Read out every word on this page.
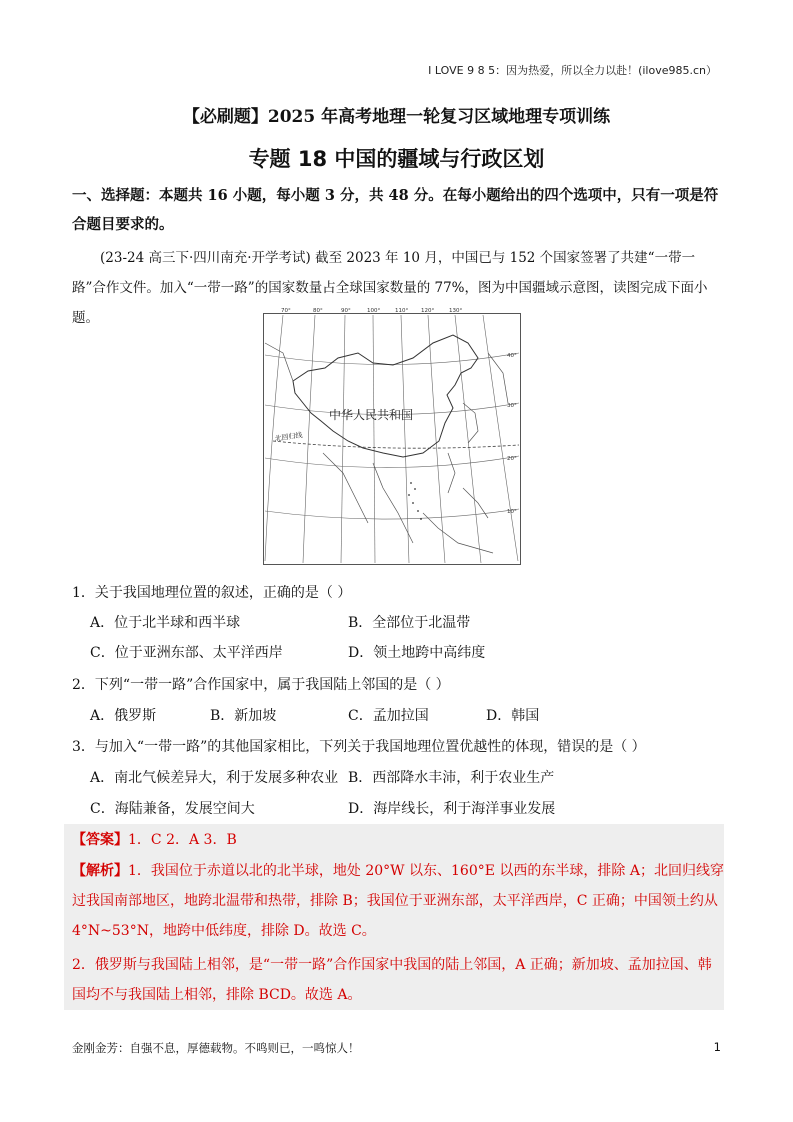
I LOVE 9 8 5：因为热爱，所以全力以赴！(ilove985.cn）
【必刷题】2025 年高考地理一轮复习区域地理专项训练
专题 18 中国的疆域与行政区划
一、选择题：本题共 16 小题，每小题 3 分，共 48 分。在每小题给出的四个选项中，只有一项是符合题目要求的。
(23-24 高三下·四川南充·开学考试) 截至 2023 年 10 月，中国已与 152 个国家签署了共建“一带一路”合作文件。加入“一带一路”的国家数量占全球国家数量的 77%，图为中国疆域示意图，读图完成下面小题。	70°	80°	90°	100°	110° 120°	130°
40°
30°
20°
10°
中华人民共和国
北回归线
1．关于我国地理位置的叙述，正确的是（ ）
A．位于北半球和西半球	B．全部位于北温带
C．位于亚洲东部、太平洋西岸	D．领土地跨中高纬度
2．下列“一带一路”合作国家中，属于我国陆上邻国的是（ ）
A．俄罗斯	B．新加坡	C．孟加拉国	D．韩国
3．与加入“一带一路”的其他国家相比，下列关于我国地理位置优越性的体现，错误的是（ ）
A．南北气候差异大，利于发展多种农业 B．西部降水丰沛，利于农业生产
C．海陆兼备，发展空间大	D．海岸线长，利于海洋事业发展
【答案】1．C 2．A 3．B
【解析】1．我国位于赤道以北的北半球，地处 20°W 以东、160°E 以西的东半球，排除 A；北回归线穿过我国南部地区，地跨北温带和热带，排除 B；我国位于亚洲东部，太平洋西岸，C 正确；中国领土约从 4°N~53°N，地跨中低纬度，排除 D。故选 C。
2．俄罗斯与我国陆上相邻，是“一带一路”合作国家中我国的陆上邻国，A 正确；新加坡、孟加拉国、韩国均不与我国陆上相邻，排除 BCD。故选 A。
金刚金芳：自强不息，厚德载物。不鸣则已，一鸣惊人！	1
